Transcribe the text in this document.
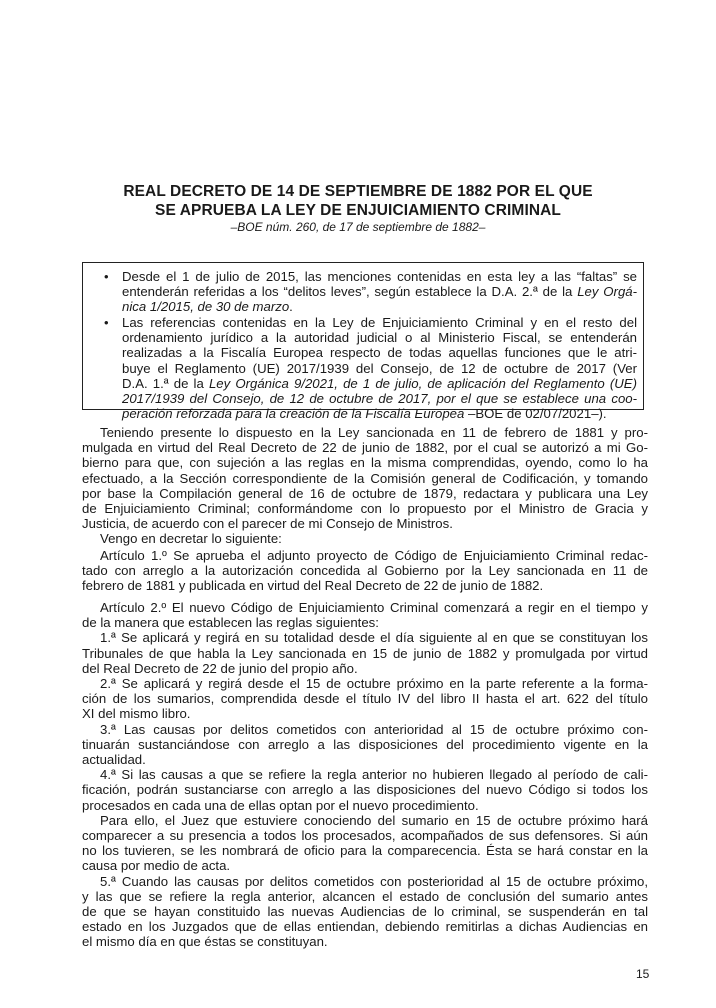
REAL DECRETO DE 14 DE SEPTIEMBRE DE 1882 POR EL QUE
SE APRUEBA LA LEY DE ENJUICIAMIENTO CRIMINAL
–BOE núm. 260, de 17 de septiembre de 1882–
• Desde el 1 de julio de 2015, las menciones contenidas en esta ley a las “faltas” se
entenderán referidas a los “delitos leves”, según establece la D.A. 2.ª de la Ley Orgá-
nica 1/2015, de 30 de marzo.
• Las referencias contenidas en la Ley de Enjuiciamiento Criminal y en el resto del
ordenamiento jurídico a la autoridad judicial o al Ministerio Fiscal, se entenderán
realizadas a la Fiscalía Europea respecto de todas aquellas funciones que le atri-
buye el Reglamento (UE) 2017/1939 del Consejo, de 12 de octubre de 2017 (Ver
D.A. 1.ª de la Ley Orgánica 9/2021, de 1 de julio, de aplicación del Reglamento (UE)
2017/1939 del Consejo, de 12 de octubre de 2017, por el que se establece una coo-
peración reforzada para la creación de la Fiscalía Europea –BOE de 02/07/2021–).
Teniendo presente lo dispuesto en la Ley sancionada en 11 de febrero de 1881 y pro-
mulgada en virtud del Real Decreto de 22 de junio de 1882, por el cual se autorizó a mi Go-
bierno para que, con sujeción a las reglas en la misma comprendidas, oyendo, como lo ha
efectuado, a la Sección correspondiente de la Comisión general de Codificación, y tomando
por base la Compilación general de 16 de octubre de 1879, redactara y publicara una Ley
de Enjuiciamiento Criminal; conformándome con lo propuesto por el Ministro de Gracia y
Justicia, de acuerdo con el parecer de mi Consejo de Ministros.
Vengo en decretar lo siguiente:
Artículo 1.º Se aprueba el adjunto proyecto de Código de Enjuiciamiento Criminal redac-
tado con arreglo a la autorización concedida al Gobierno por la Ley sancionada en 11 de
febrero de 1881 y publicada en virtud del Real Decreto de 22 de junio de 1882.
Artículo 2.º El nuevo Código de Enjuiciamiento Criminal comenzará a regir en el tiempo y
de la manera que establecen las reglas siguientes:
1.ª Se aplicará y regirá en su totalidad desde el día siguiente al en que se constituyan los
Tribunales de que habla la Ley sancionada en 15 de junio de 1882 y promulgada por virtud
del Real Decreto de 22 de junio del propio año.
2.ª Se aplicará y regirá desde el 15 de octubre próximo en la parte referente a la forma-
ción de los sumarios, comprendida desde el título IV del libro II hasta el art. 622 del título
XI del mismo libro.
3.ª Las causas por delitos cometidos con anterioridad al 15 de octubre próximo con-
tinuarán sustanciándose con arreglo a las disposiciones del procedimiento vigente en la
actualidad.
4.ª Si las causas a que se refiere la regla anterior no hubieren llegado al período de cali-
ficación, podrán sustanciarse con arreglo a las disposiciones del nuevo Código si todos los
procesados en cada una de ellas optan por el nuevo procedimiento.
Para ello, el Juez que estuviere conociendo del sumario en 15 de octubre próximo hará
comparecer a su presencia a todos los procesados, acompañados de sus defensores. Si aún
no los tuvieren, se les nombrará de oficio para la comparecencia. Ésta se hará constar en la
causa por medio de acta.
5.ª Cuando las causas por delitos cometidos con posterioridad al 15 de octubre próximo,
y las que se refiere la regla anterior, alcancen el estado de conclusión del sumario antes
de que se hayan constituido las nuevas Audiencias de lo criminal, se suspenderán en tal
estado en los Juzgados que de ellas entiendan, debiendo remitirlas a dichas Audiencias en
el mismo día en que éstas se constituyan.
15
